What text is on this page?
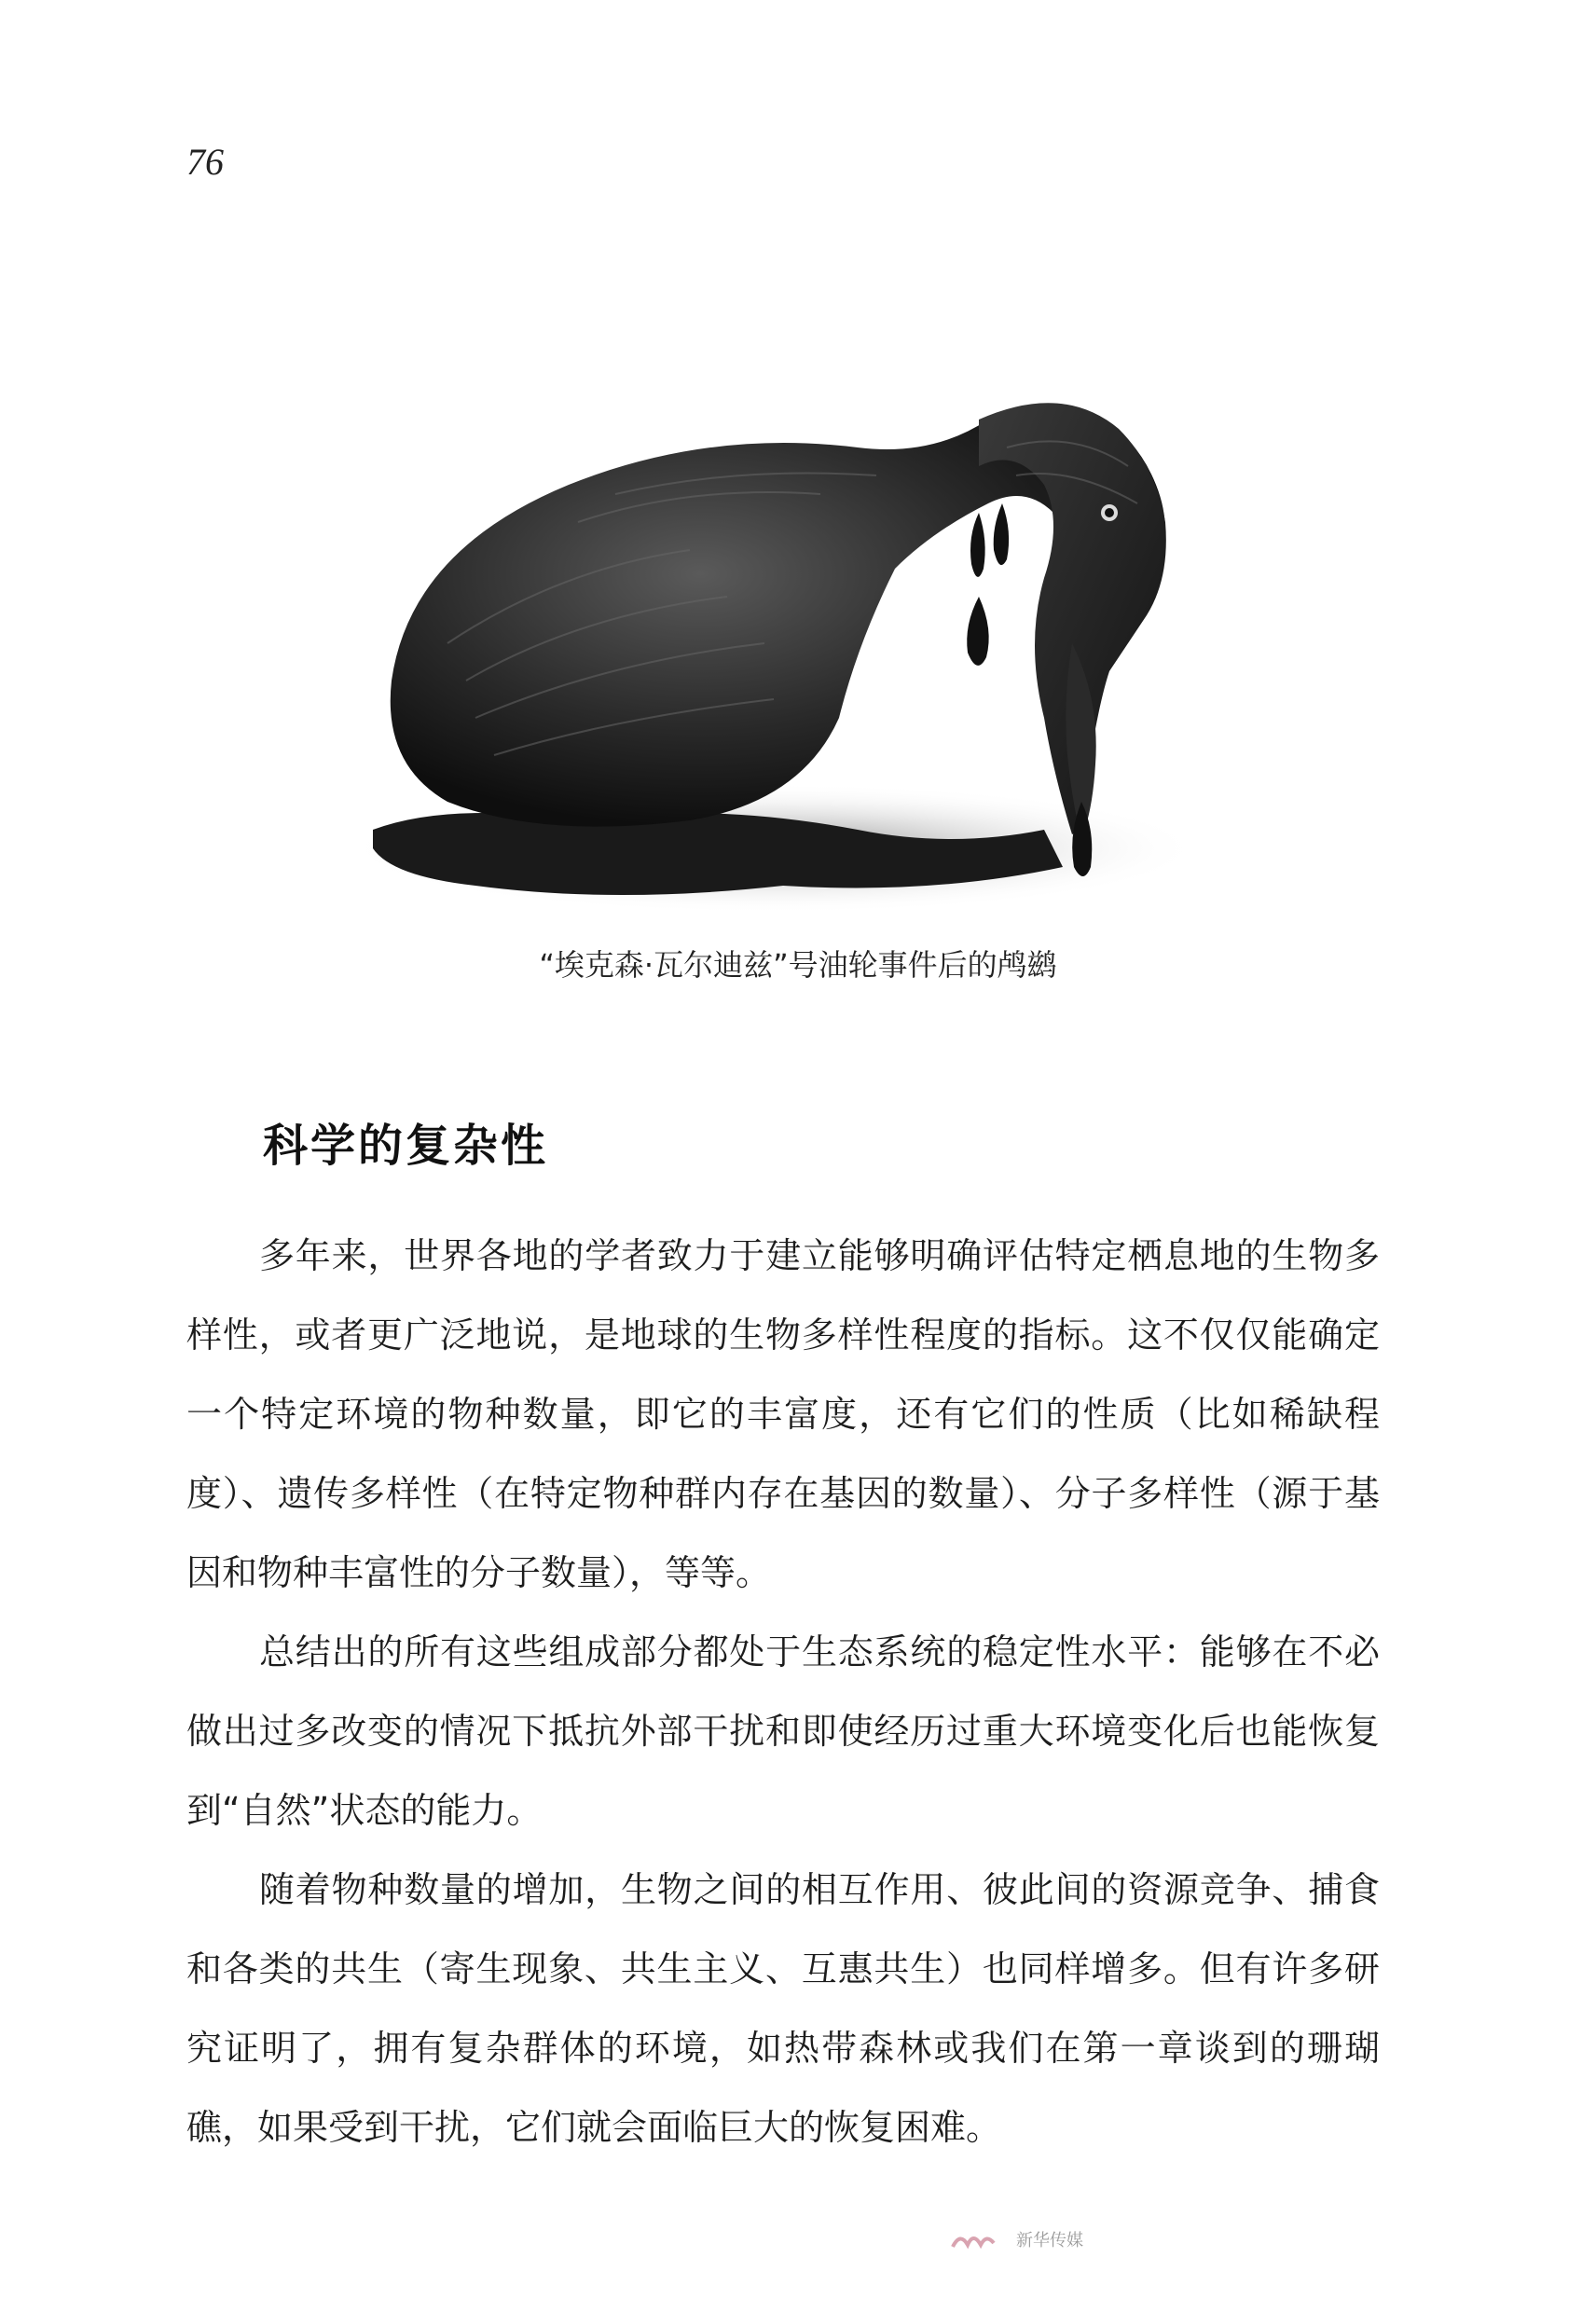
76
“埃克森·瓦尔迪兹”号油轮事件后的鸬鹚
科学的复杂性

多年来，世界各地的学者致力于建立能够明确评估特定栖息地的生物多样性，或者更广泛地说，是地球的生物多样性程度的指标。这不仅仅能确定一个特定环境的物种数量，即它的丰富度，还有它们的性质（比如稀缺程度）、遗传多样性（在特定物种群内存在基因的数量）、分子多样性（源于基因和物种丰富性的分子数量），等等。

总结出的所有这些组成部分都处于生态系统的稳定性水平：能够在不必做出过多改变的情况下抵抗外部干扰和即使经历过重大环境变化后也能恢复到“自然”状态的能力。

随着物种数量的增加，生物之间的相互作用、彼此间的资源竞争、捕食和各类的共生（寄生现象、共生主义、互惠共生）也同样增多。但有许多研究证明了，拥有复杂群体的环境，如热带森林或我们在第一章谈到的珊瑚礁，如果受到干扰，它们就会面临巨大的恢复困难。

新华传媒
